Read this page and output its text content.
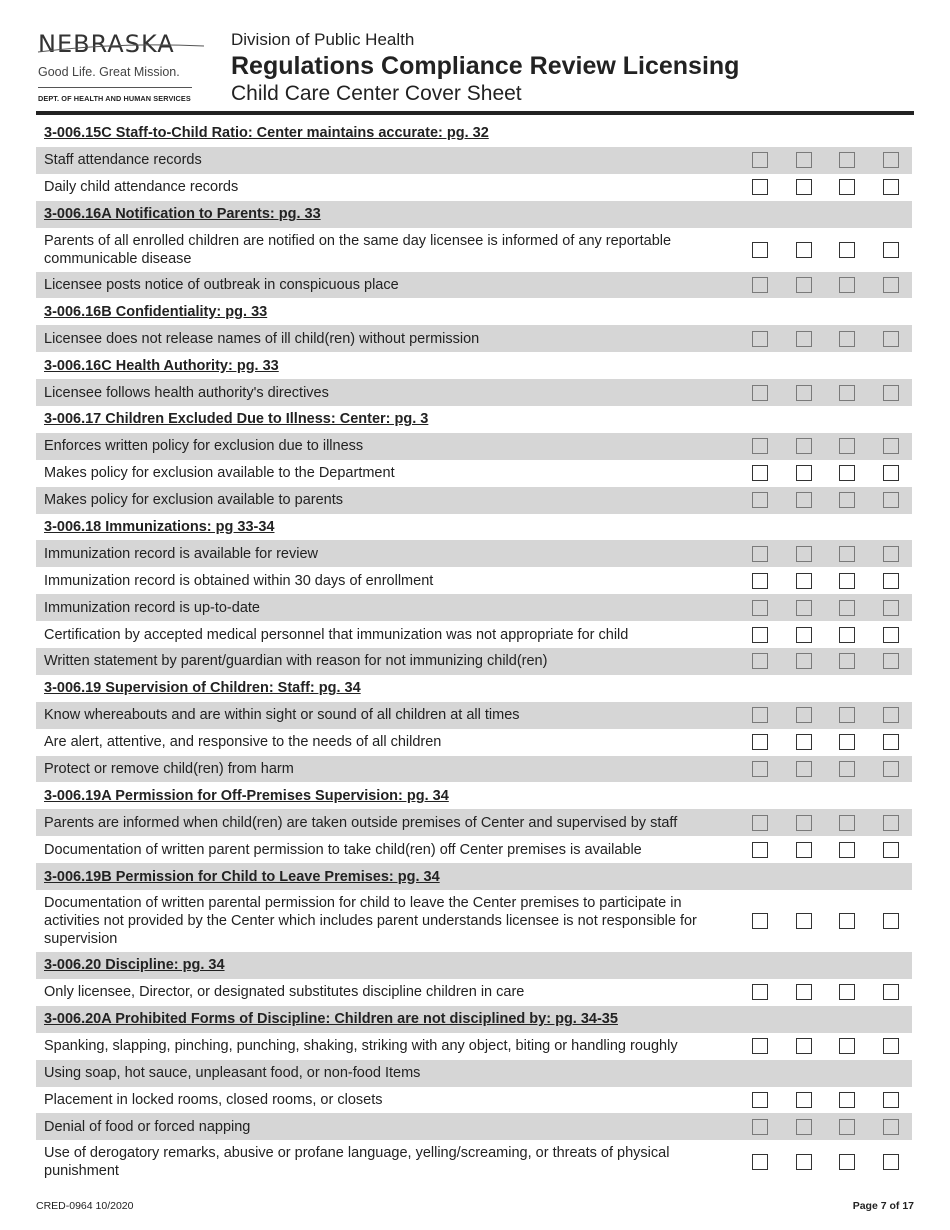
NEBRASKA
Good Life. Great Mission.
DEPT. OF HEALTH AND HUMAN SERVICES
Division of Public Health
Regulations Compliance Review Licensing
Child Care Center Cover Sheet
3-006.15C Staff-to-Child Ratio: Center maintains accurate: pg. 32
Staff attendance records
Daily child attendance records
3-006.16A Notification to Parents: pg. 33
Parents of all enrolled children are notified on the same day licensee is informed of any reportable communicable disease
Licensee posts notice of outbreak in conspicuous place
3-006.16B Confidentiality: pg. 33
Licensee does not release names of ill child(ren) without permission
3-006.16C Health Authority: pg. 33
Licensee follows health authority's directives
3-006.17 Children Excluded Due to Illness: Center: pg. 3
Enforces written policy for exclusion due to illness
Makes policy for exclusion available to the Department
Makes policy for exclusion available to parents
3-006.18 Immunizations: pg 33-34
Immunization record is available for review
Immunization record is obtained within 30 days of enrollment
Immunization record is up-to-date
Certification by accepted medical personnel that immunization was not appropriate for child
Written statement by parent/guardian with reason for not immunizing child(ren)
3-006.19 Supervision of Children: Staff: pg. 34
Know whereabouts and are within sight or sound of all children at all times
Are alert, attentive, and responsive to the needs of all children
Protect or remove child(ren) from harm
3-006.19A Permission for Off-Premises Supervision: pg. 34
Parents are informed when child(ren) are taken outside premises of Center and supervised by staff
Documentation of written parent permission to take child(ren) off Center premises is available
3-006.19B Permission for Child to Leave Premises: pg. 34
Documentation of written parental permission for child to leave the Center premises to participate in activities not provided by the Center which includes parent understands licensee is not responsible for supervision
3-006.20 Discipline: pg. 34
Only licensee, Director, or designated substitutes discipline children in care
3-006.20A Prohibited Forms of Discipline: Children are not disciplined by: pg. 34-35
Spanking, slapping, pinching, punching, shaking, striking with any object, biting or handling roughly
Using soap, hot sauce, unpleasant food, or non-food Items
Placement in locked rooms, closed rooms, or closets
Denial of food or forced napping
Use of derogatory remarks, abusive or profane language, yelling/screaming, or threats of physical punishment
CRED-0964 10/2020	Page 7 of 17
